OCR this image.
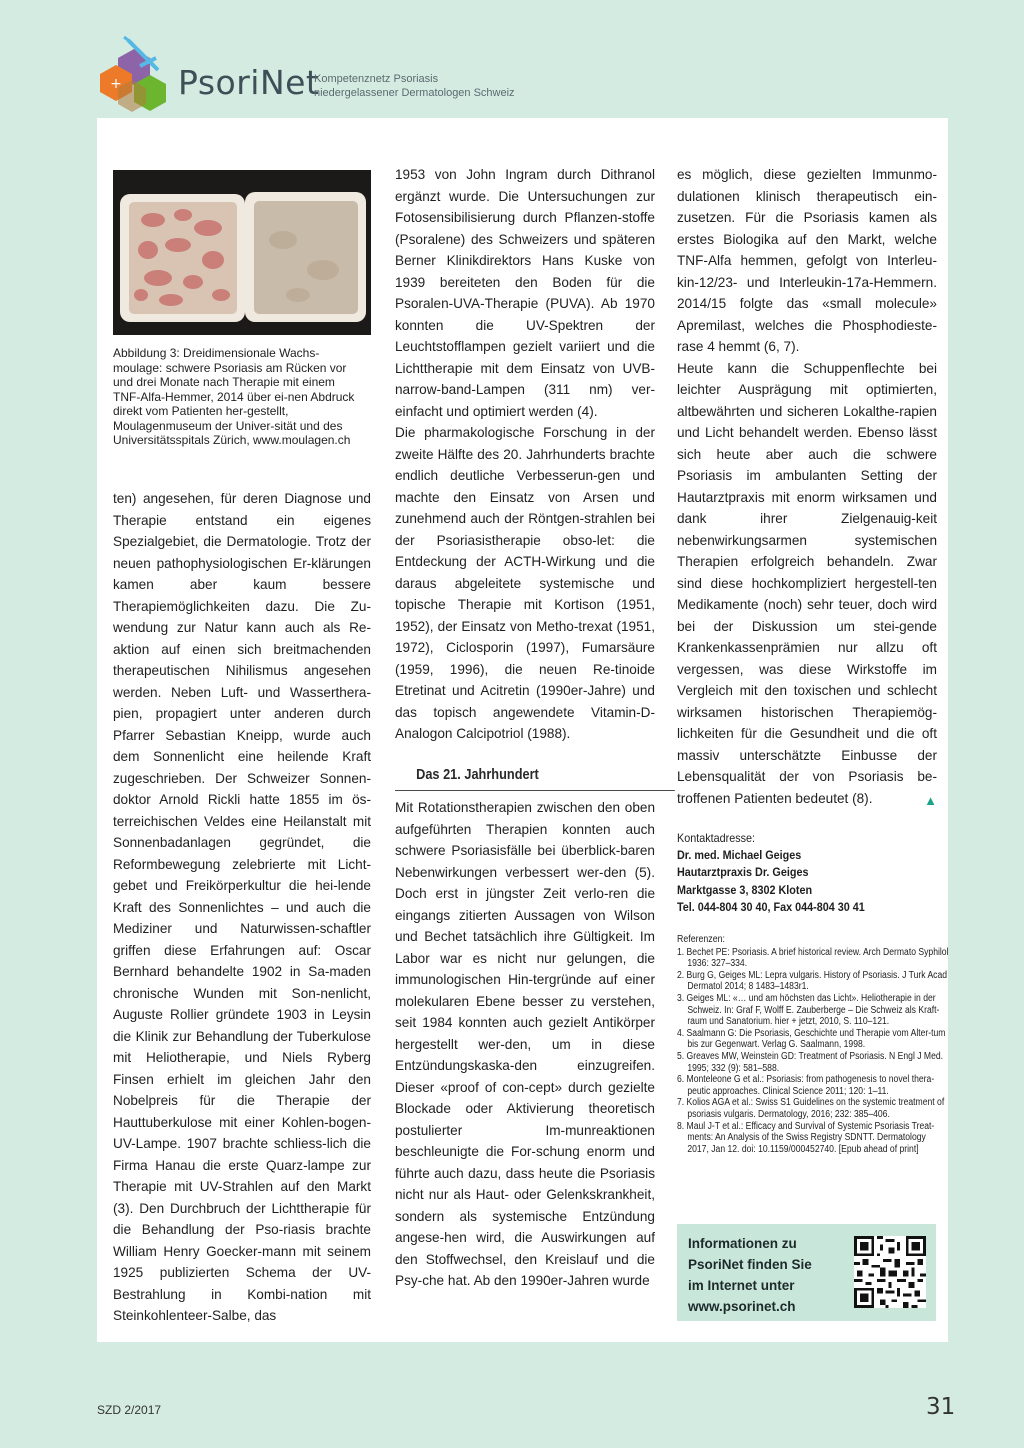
+ PsoriNet
Kompetenznetz Psoriasis
niedergelassener Dermatologen Schweiz
Abbildung 3: Dreidimensionale Wachs-moulage: schwere Psoriasis am Rücken vor und drei Monate nach Therapie mit einem TNF-Alfa-Hemmer, 2014 über ei-nen Abdruck direkt vom Patienten her-gestellt, Moulagenmuseum der Univer-sität und des Universitätsspitals Zürich, www.moulagen.ch

ten) angesehen, für deren Diagnose und Therapie entstand ein eigenes Spezialgebiet, die Dermatologie. Trotz der neuen pathophysiologischen Er-klärungen kamen aber kaum bessere Therapiemöglichkeiten dazu. Die Zu-wendung zur Natur kann auch als Re-aktion auf einen sich breitmachenden therapeutischen Nihilismus angesehen werden. Neben Luft- und Wassertherа-pien, propagiert unter anderen durch Pfarrer Sebastian Kneipp, wurde auch dem Sonnenlicht eine heilende Kraft zugeschrieben. Der Schweizer Sonnen-doktor Arnold Rickli hatte 1855 im ös-terreichischen Veldes eine Heilanstalt mit Sonnenbadanlagen gegründet, die Reformbewegung zelebrierte mit Licht-gebet und Freikörperkultur die hei-lende Kraft des Sonnenlichtes – und auch die Mediziner und Naturwissen-schaftler griffen diese Erfahrungen auf: Oscar Bernhard behandelte 1902 in Sa-maden chronische Wunden mit Son-nenlicht, Auguste Rollier gründete 1903 in Leysin die Klinik zur Behandlung der Tuberkulose mit Heliotherapie, und Niels Ryberg Finsen erhielt im gleichen Jahr den Nobelpreis für die Therapie der Hauttuberkulose mit einer Kohlen-bogen-UV-Lampe. 1907 brachte schliess-lich die Firma Hanau die erste Quarz-lampe zur Therapie mit UV-Strahlen auf den Markt (3). Den Durchbruch der Lichttherapie für die Behandlung der Pso-riasis brachte William Henry Goecker-mann mit seinem 1925 publizierten Schema der UV-Bestrahlung in Kombi-nation mit Steinkohlenteer-Salbe, das

1953 von John Ingram durch Dithranol ergänzt wurde. Die Untersuchungen zur Fotosensibilisierung durch Pflanzen-stoffe (Psoralene) des Schweizers und späteren Berner Klinikdirektors Hans Kuske von 1939 bereiteten den Boden für die Psoralen-UVA-Therapie (PUVA). Ab 1970 konnten die UV-Spektren der Leuchtstofflampen gezielt variiert und die Lichttherapie mit dem Einsatz von UVB-narrow-band-Lampen (311 nm) ver-einfacht und optimiert werden (4).

Die pharmakologische Forschung in der zweite Hälfte des 20. Jahrhunderts brachte endlich deutliche Verbesserun-gen und machte den Einsatz von Arsen und zunehmend auch der Röntgen-strahlen bei der Psoriasistherapie obso-let: die Entdeckung der ACTH-Wirkung und die daraus abgeleitete systemische und topische Therapie mit Kortison (1951, 1952), der Einsatz von Metho-trexat (1951, 1972), Ciclosporin (1997), Fumarsäure (1959, 1996), die neuen Re-tinoide Etretinat und Acitretin (1990er-Jahre) und das topisch angewendete Vitamin-D-Analogon Calcipotriol (1988).

Das 21. Jahrhundert

Mit Rotationstherapien zwischen den oben aufgeführten Therapien konnten auch schwere Psoriasisfälle bei überblick-baren Nebenwirkungen verbessert wer-den (5). Doch erst in jüngster Zeit verlo-ren die eingangs zitierten Aussagen von Wilson und Bechet tatsächlich ihre Gültigkeit. Im Labor war es nicht nur gelungen, die immunologischen Hin-tergründe auf einer molekularen Ebene besser zu verstehen, seit 1984 konnten auch gezielt Antikörper hergestellt wer-den, um in diese Entzündungskaska-den einzugreifen. Dieser «proof of con-cept» durch gezielte Blockade oder Aktivierung theoretisch postulierter Im-munreaktionen beschleunigte die For-schung enorm und führte auch dazu, dass heute die Psoriasis nicht nur als Haut- oder Gelenkskrankheit, sondern als systemische Entzündung angese-hen wird, die Auswirkungen auf den Stoffwechsel, den Kreislauf und die Psy-che hat. Ab den 1990er-Jahren wurde

es möglich, diese gezielten Immunmo-dulationen klinisch therapeutisch ein-zusetzen. Für die Psoriasis kamen als erstes Biologika auf den Markt, welche TNF-Alfa hemmen, gefolgt von Interleu-kin-12/23- und Interleukin-17a-Hemmern. 2014/15 folgte das «small molecule» Apremilast, welches die Phosphodieste-rase 4 hemmt (6, 7).

Heute kann die Schuppenflechte bei leichter Ausprägung mit optimierten, altbewährten und sicheren Lokalthe-rapien und Licht behandelt werden. Ebenso lässt sich heute aber auch die schwere Psoriasis im ambulanten Setting der Hautarztpraxis mit enorm wirksamen und dank ihrer Zielgenauig-keit nebenwirkungsarmen systemischen Therapien erfolgreich behandeln. Zwar sind diese hochkompliziert hergestell-ten Medikamente (noch) sehr teuer, doch wird bei der Diskussion um stei-gende Krankenkassenprämien nur allzu oft vergessen, was diese Wirkstoffe im Vergleich mit den toxischen und schlecht wirksamen historischen Therapiemög-lichkeiten für die Gesundheit und die oft massiv unterschätzte Einbusse der Lebensqualität der von Psoriasis be-troffenen Patienten bedeutet (8).	▲

Kontaktadresse:
Dr. med. Michael Geiges
Hautarztpraxis Dr. Geiges
Marktgasse 3, 8302 Kloten
Tel. 044-804 30 40, Fax 044-804 30 41
Referenzen:
1. Bechet PE: Psoriasis. A brief historical review. Arch Dermato Syphilol 1936: 327–334.
2. Burg G, Geiges ML: Lepra vulgaris. History of Psoriasis. J Turk Acad Dermatol 2014; 8 1483–1483r1.
3. Geiges ML: «… und am höchsten das Licht». Heliotherapie in der Schweiz. In: Graf F, Wolff E. Zauberberge – Die Schweiz als Kraft-raum und Sanatorium. hier + jetzt, 2010, S. 110–121.
4. Saalmann G: Die Psoriasis, Geschichte und Therapie vom Alter-tum bis zur Gegenwart. Verlag G. Saalmann, 1998.
5. Greaves MW, Weinstein GD: Treatment of Psoriasis. N Engl J Med. 1995; 332 (9): 581–588.
6. Monteleone G et al.: Psoriasis: from pathogenesis to novel thera-peutic approaches. Clinical Science 2011; 120: 1–11.
7. Kolios AGA et al.: Swiss S1 Guidelines on the systemic treatment of psoriasis vulgaris. Dermatology, 2016; 232: 385–406.
8. Maul J-T et al.: Efficacy and Survival of Systemic Psoriasis Treat-ments: An Analysis of the Swiss Registry SDNTT. Dermatology 2017, Jan 12. doi: 10.1159/000452740. [Epub ahead of print]
Informationen zu
PsoriNet finden Sie
im Internet unter
www.psorinet.ch
SZD 2/2017	31
